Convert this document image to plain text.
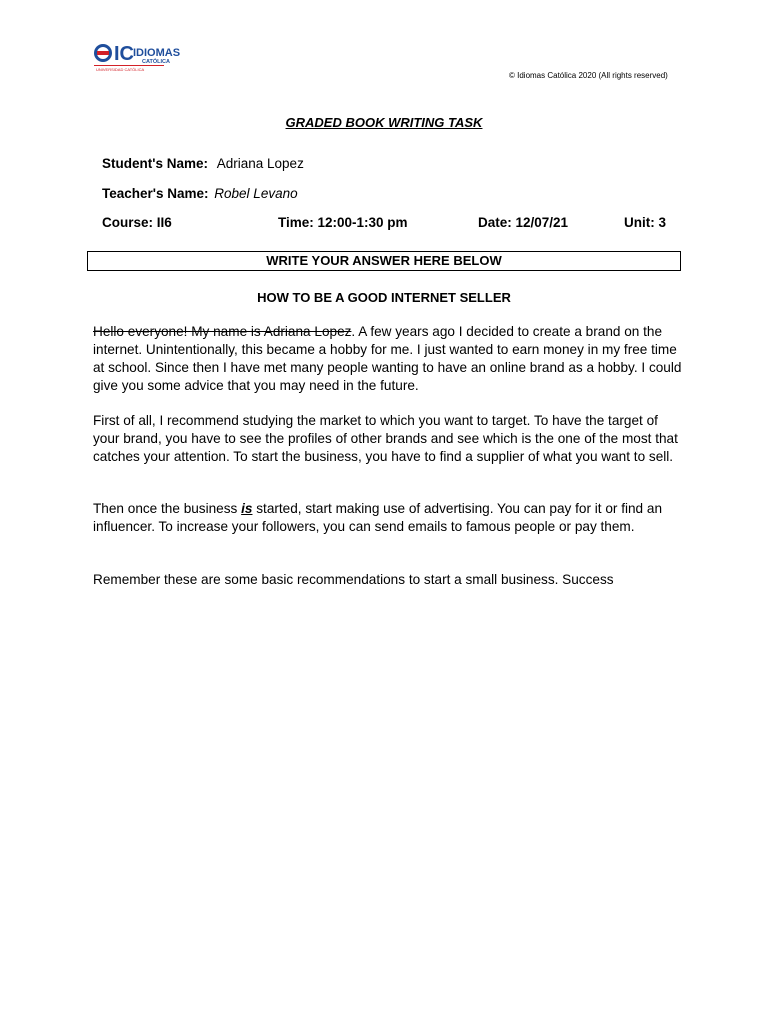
IC IDIOMAS
CATÓLICA
UNIVERSIDAD CATÓLICA
© Idiomas Católica 2020 (All rights reserved)
GRADED BOOK WRITING TASK
Student's Name: Adriana Lopez
Teacher's Name: Robel Levano
Course: II6	Time: 12:00-1:30 pm	Date: 12/07/21	Unit: 3
WRITE YOUR ANSWER HERE BELOW
HOW TO BE A GOOD INTERNET SELLER

Hello everyone! My name is Adriana Lopez. A few years ago I decided to create a brand on the internet. Unintentionally, this became a hobby for me. I just wanted to earn money in my free time at school. Since then I have met many people wanting to have an online brand as a hobby. I could give you some advice that you may need in the future.

First of all, I recommend studying the market to which you want to target. To have the target of your brand, you have to see the profiles of other brands and see which is the one of the most that catches your attention. To start the business, you have to find a supplier of what you want to sell.

Then once the business is started, start making use of advertising. You can pay for it or find an influencer. To increase your followers, you can send emails to famous people or pay them.

Remember these are some basic recommendations to start a small business. Success
